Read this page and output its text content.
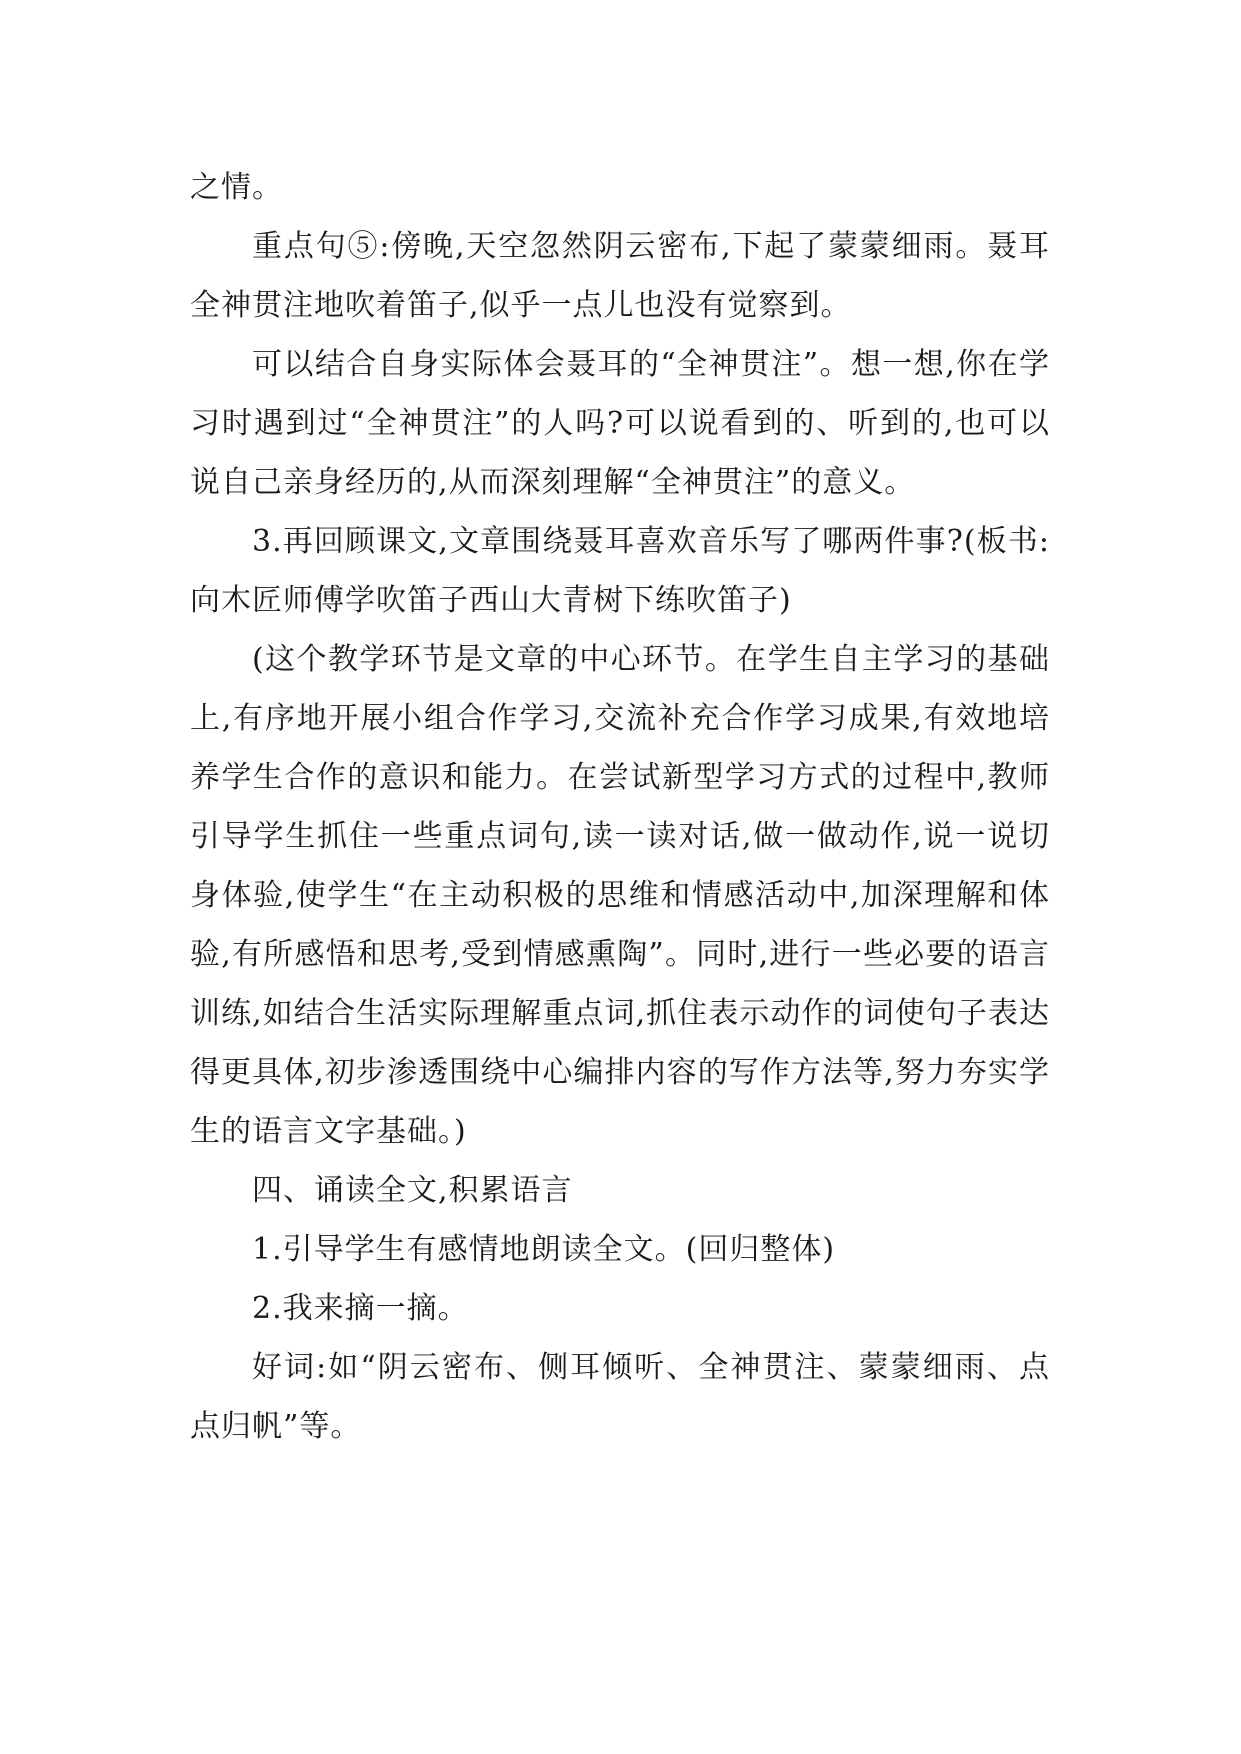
之情。

重点句⑤:傍晚,天空忽然阴云密布,下起了蒙蒙细雨。聂耳全神贯注地吹着笛子,似乎一点儿也没有觉察到。

可以结合自身实际体会聂耳的“全神贯注”。想一想,你在学习时遇到过“全神贯注”的人吗?可以说看到的、听到的,也可以说自己亲身经历的,从而深刻理解“全神贯注”的意义。

3.再回顾课文,文章围绕聂耳喜欢音乐写了哪两件事?(板书:向木匠师傅学吹笛子西山大青树下练吹笛子)

(这个教学环节是文章的中心环节。在学生自主学习的基础上,有序地开展小组合作学习,交流补充合作学习成果,有效地培养学生合作的意识和能力。在尝试新型学习方式的过程中,教师引导学生抓住一些重点词句,读一读对话,做一做动作,说一说切身体验,使学生“在主动积极的思维和情感活动中,加深理解和体验,有所感悟和思考,受到情感熏陶”。同时,进行一些必要的语言训练,如结合生活实际理解重点词,抓住表示动作的词使句子表达得更具体,初步渗透围绕中心编排内容的写作方法等,努力夯实学生的语言文字基础。)

四、诵读全文,积累语言

1.引导学生有感情地朗读全文。(回归整体)

2.我来摘一摘。

好词:如“阴云密布、侧耳倾听、全神贯注、蒙蒙细雨、点点归帆”等。
